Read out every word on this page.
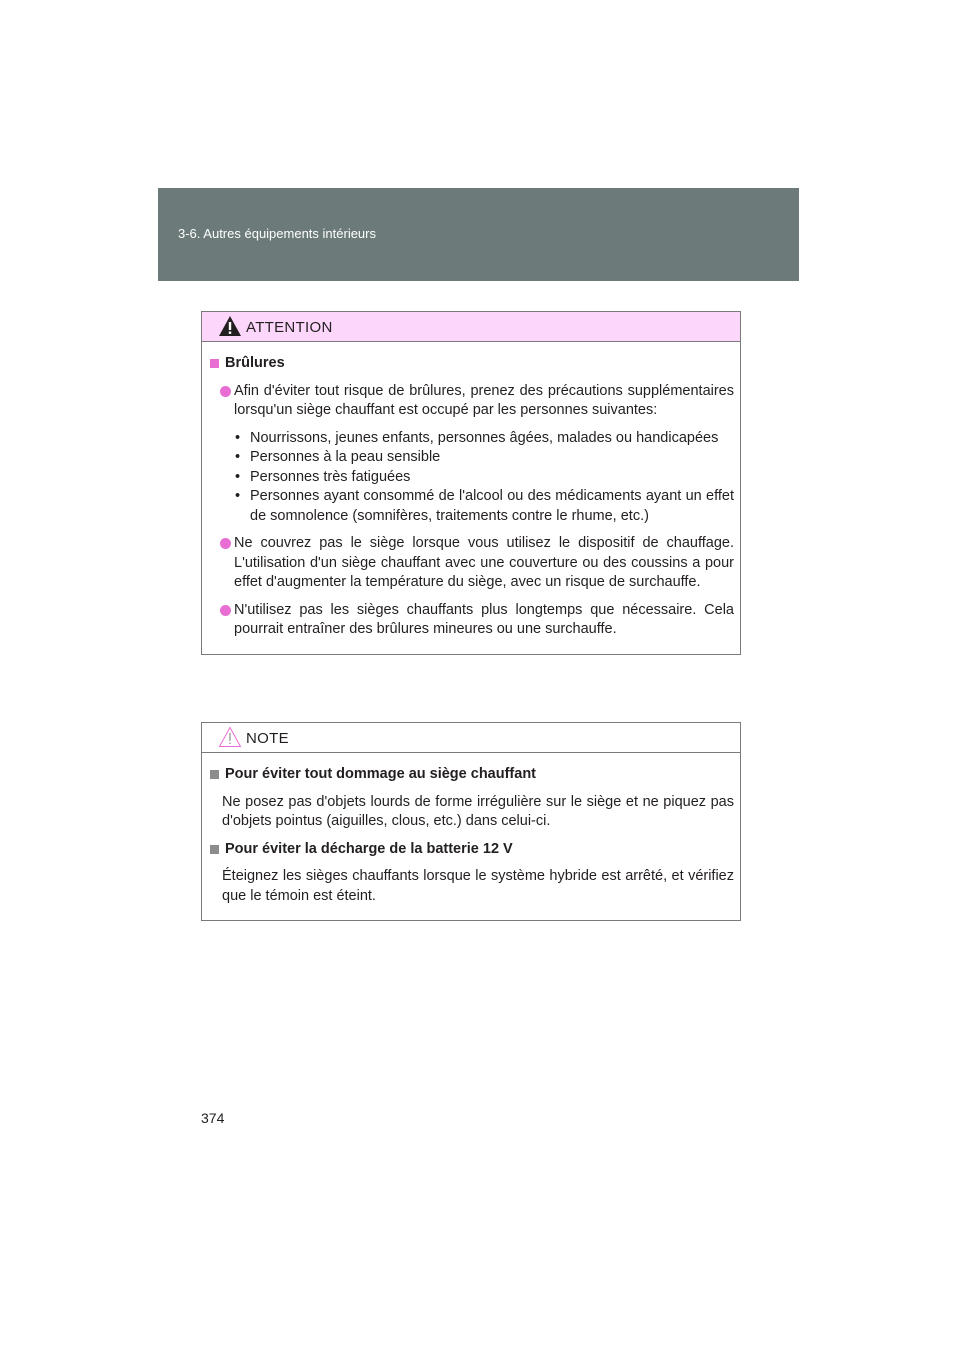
3-6. Autres équipements intérieurs
ATTENTION
Brûlures
Afin d'éviter tout risque de brûlures, prenez des précautions supplémentaires lorsqu'un siège chauffant est occupé par les personnes suivantes:
• Nourrissons, jeunes enfants, personnes âgées, malades ou handicapées
• Personnes à la peau sensible
• Personnes très fatiguées
• Personnes ayant consommé de l'alcool ou des médicaments ayant un effet de somnolence (somnifères, traitements contre le rhume, etc.)
Ne couvrez pas le siège lorsque vous utilisez le dispositif de chauffage. L'utilisation d'un siège chauffant avec une couverture ou des coussins a pour effet d'augmenter la température du siège, avec un risque de surchauffe.
N'utilisez pas les sièges chauffants plus longtemps que nécessaire. Cela pourrait entraîner des brûlures mineures ou une surchauffe.
NOTE
Pour éviter tout dommage au siège chauffant
Ne posez pas d'objets lourds de forme irrégulière sur le siège et ne piquez pas d'objets pointus (aiguilles, clous, etc.) dans celui-ci.
Pour éviter la décharge de la batterie 12 V
Éteignez les sièges chauffants lorsque le système hybride est arrêté, et vérifiez que le témoin est éteint.
374
